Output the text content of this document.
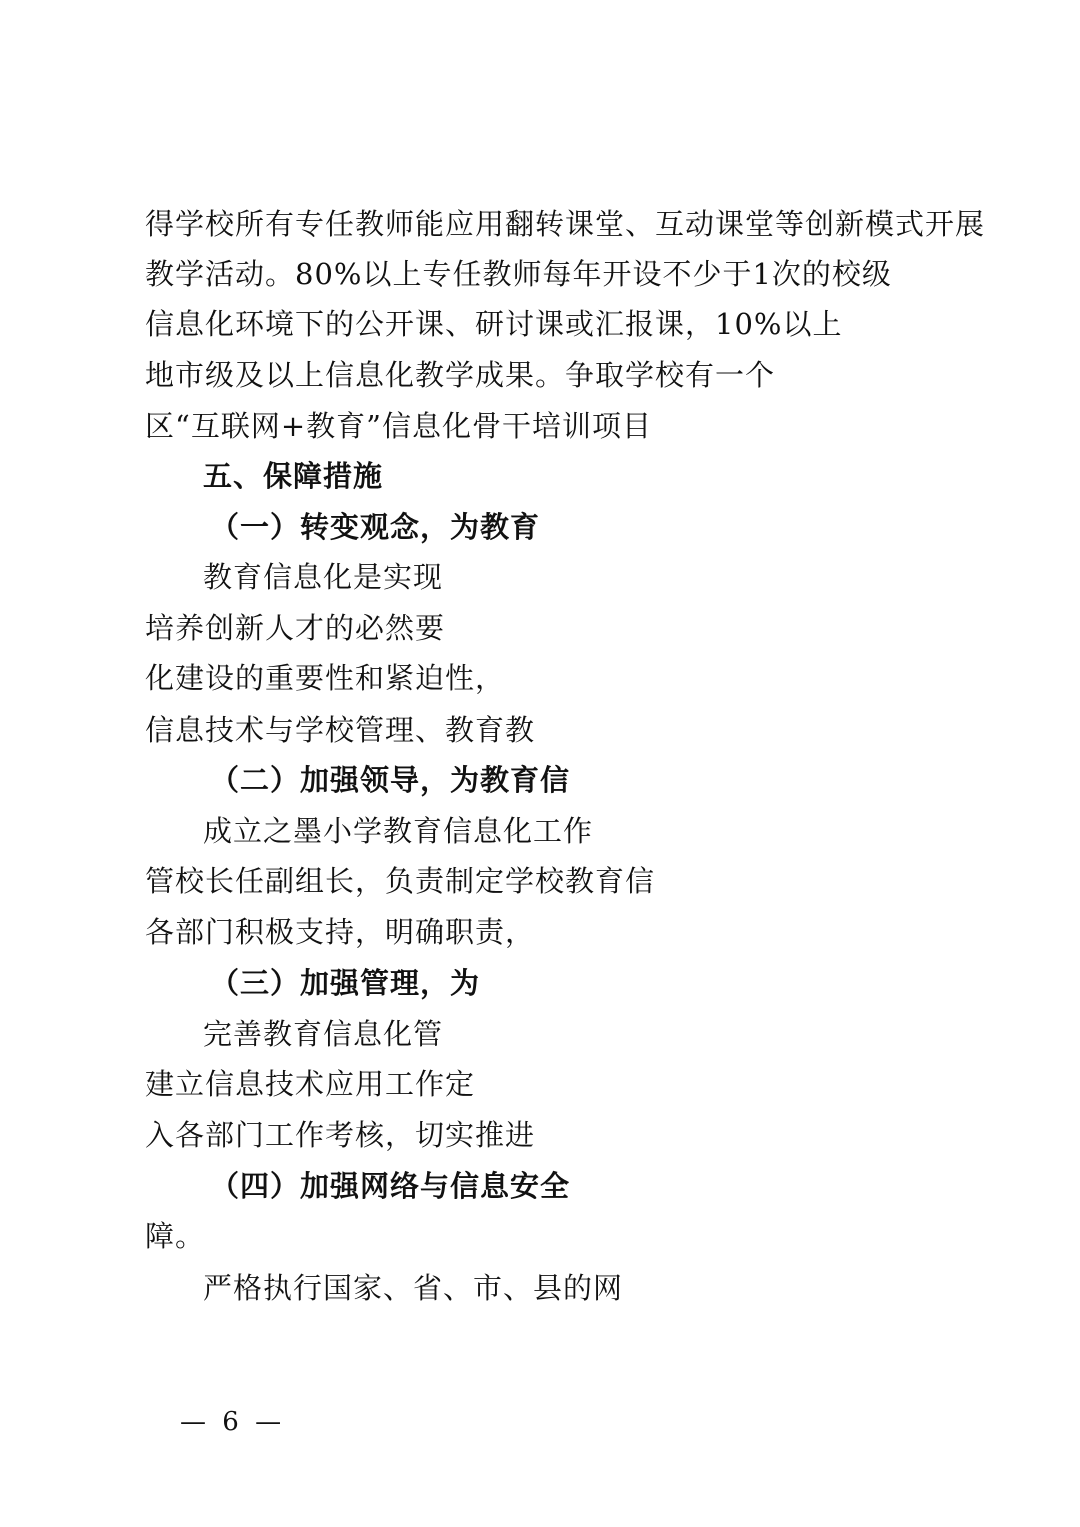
得学校所有专任教师能应用翻转课堂、互动课堂等创新模式开展
教学活动。80%以上专任教师每年开设不少于1次的校级
信息化环境下的公开课、研讨课或汇报课，10%以上
地市级及以上信息化教学成果。争取学校有一个
区“互联网+教育”信息化骨干培训项目
五、保障措施
（一）转变观念，为教育
教育信息化是实现
培养创新人才的必然要
化建设的重要性和紧迫性，
信息技术与学校管理、教育教
（二）加强领导，为教育信
成立之墨小学教育信息化工作
管校长任副组长，负责制定学校教育信
各部门积极支持，明确职责，
（三）加强管理，为
完善教育信息化管
建立信息技术应用工作定
入各部门工作考核，切实推进
（四）加强网络与信息安全
障。
严格执行国家、省、市、县的网
— 6 —
